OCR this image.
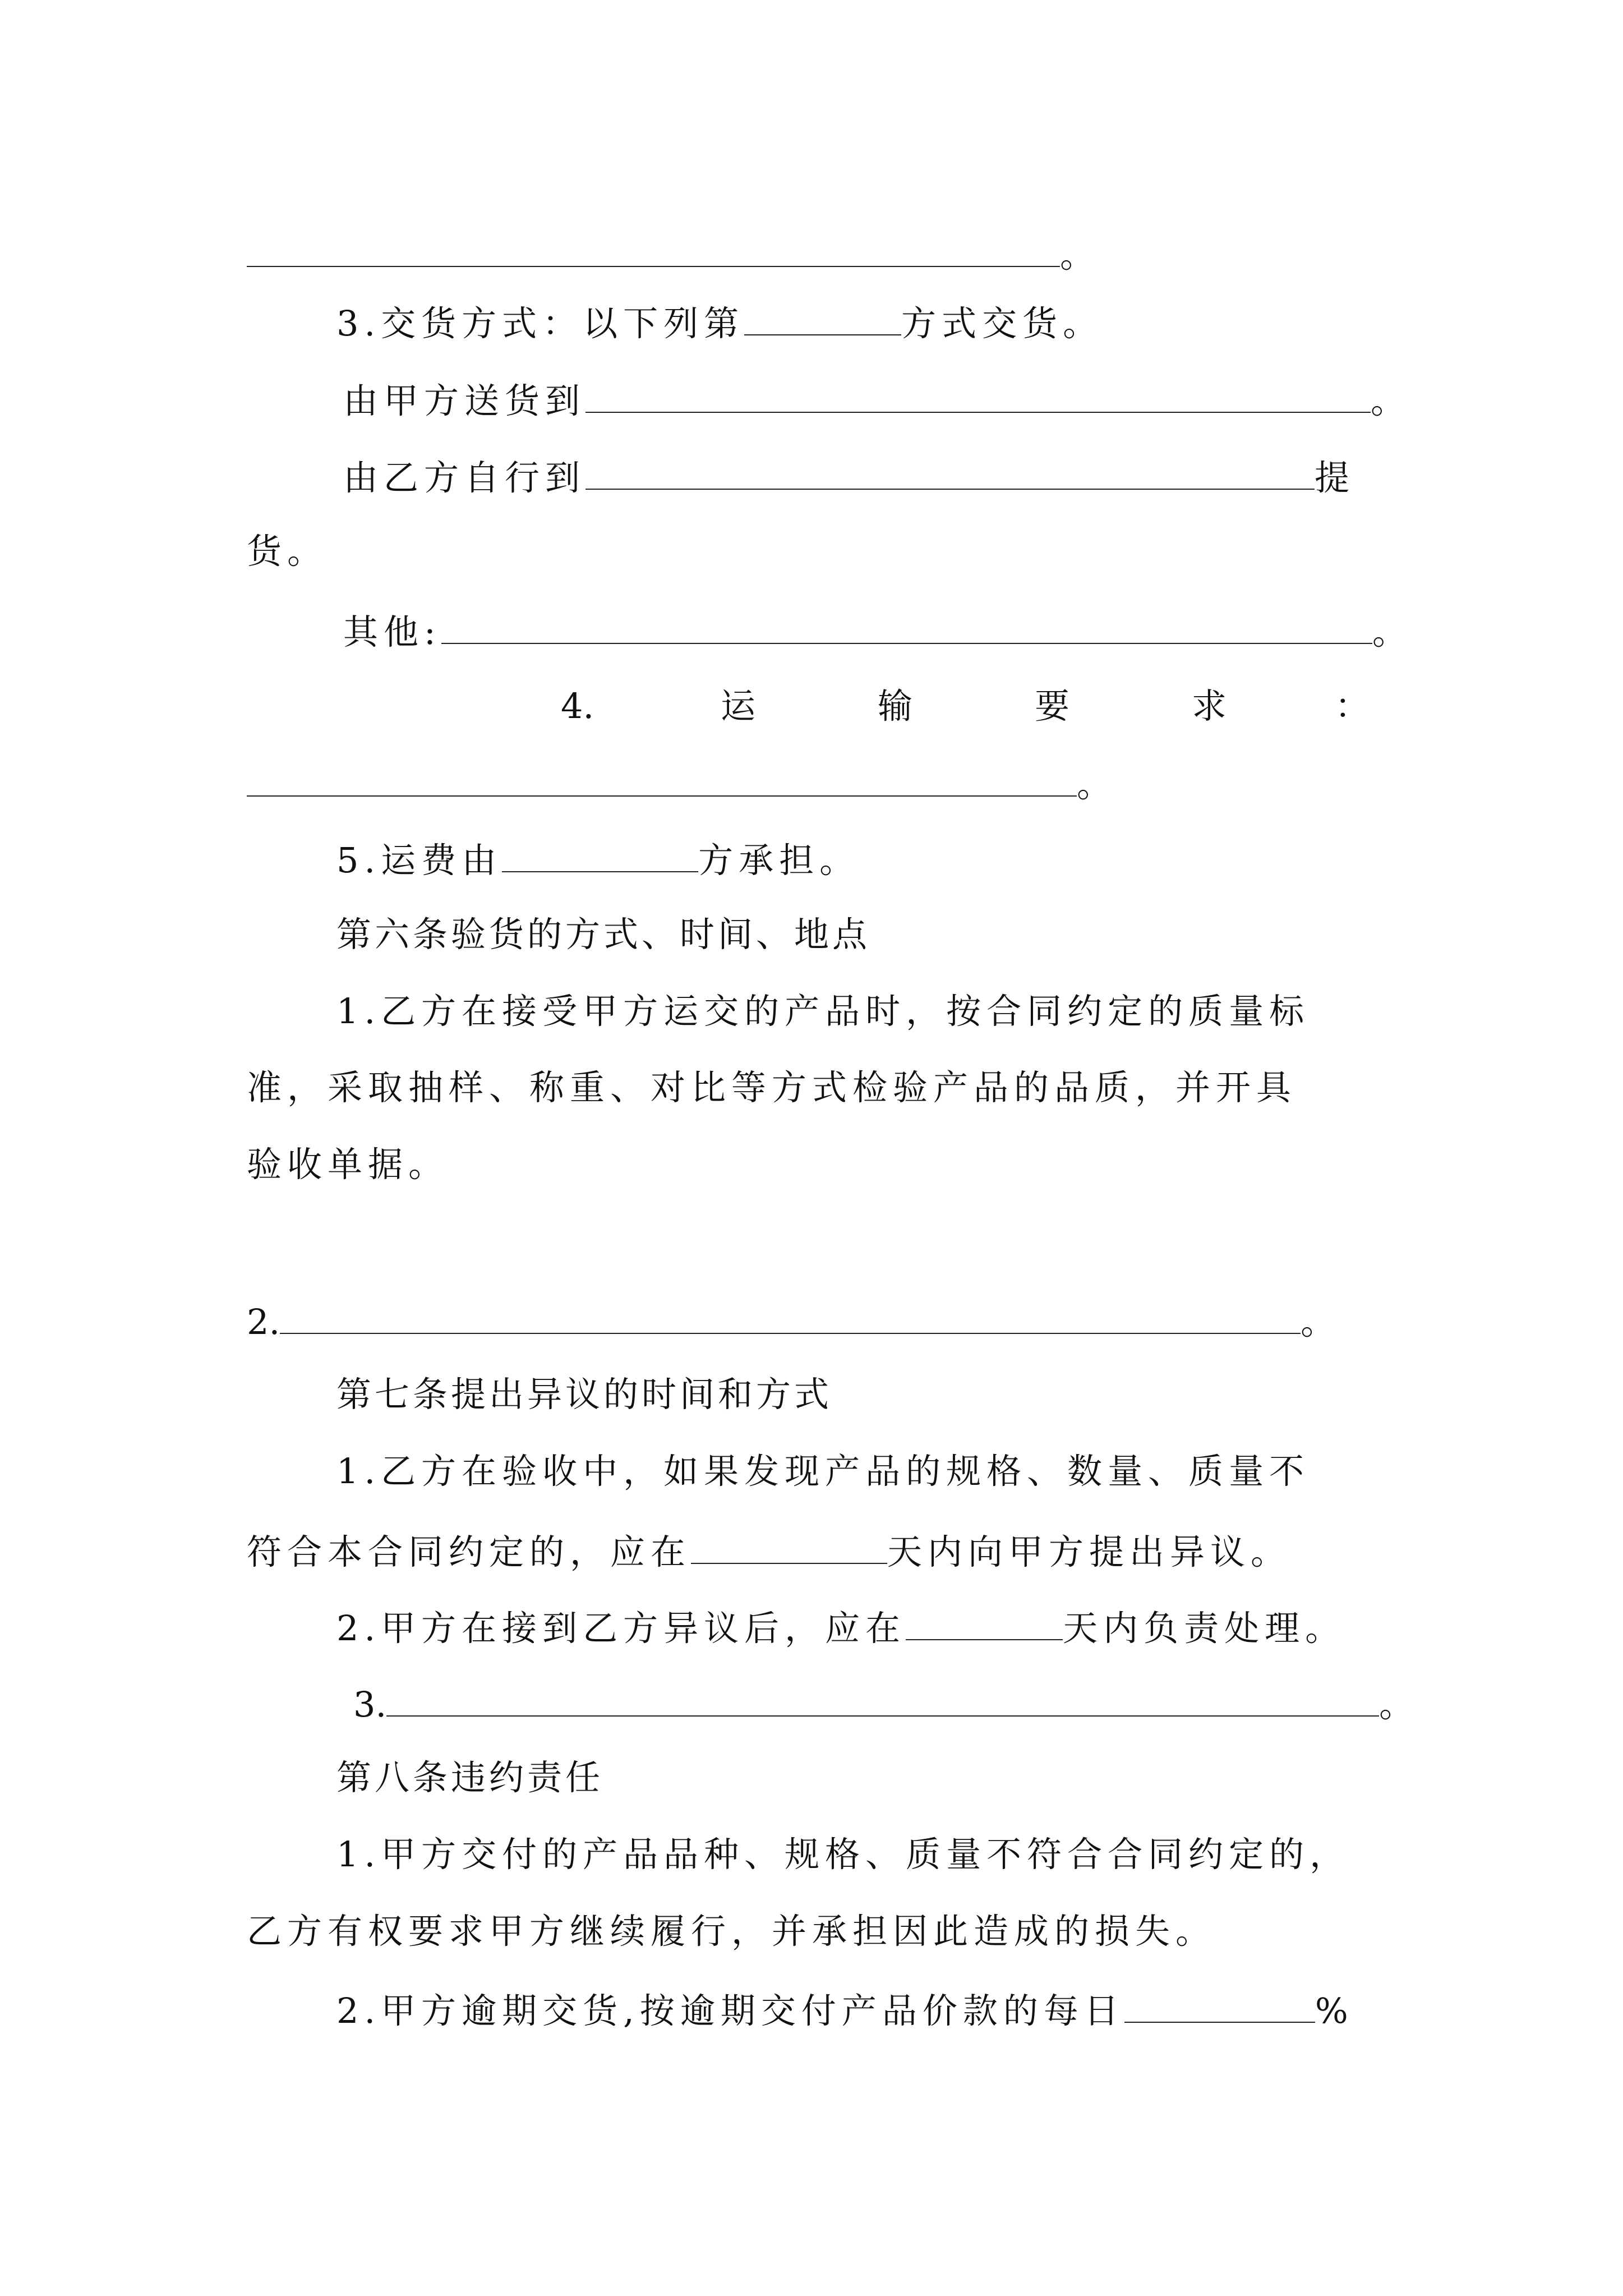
。
3.交货方式：以下列第	方式交货。
由甲方送货到	。
由乙方自行到	提
货。
其他:	。
4.	运	输	要	求	：
。
5.运费由	方承担。
第六条验货的方式、时间、地点
1.乙方在接受甲方运交的产品时，按合同约定的质量标
准，采取抽样、称重、对比等方式检验产品的品质，并开具
验收单据。
2.	。
第七条提出异议的时间和方式
1.乙方在验收中，如果发现产品的规格、数量、质量不
符合本合同约定的，应在	天内向甲方提出异议。
2.甲方在接到乙方异议后，应在	天内负责处理。
3.	。
第八条违约责任
1.甲方交付的产品品种、规格、质量不符合合同约定的，
乙方有权要求甲方继续履行，并承担因此造成的损失。
2.甲方逾期交货,按逾期交付产品价款的每日	%
